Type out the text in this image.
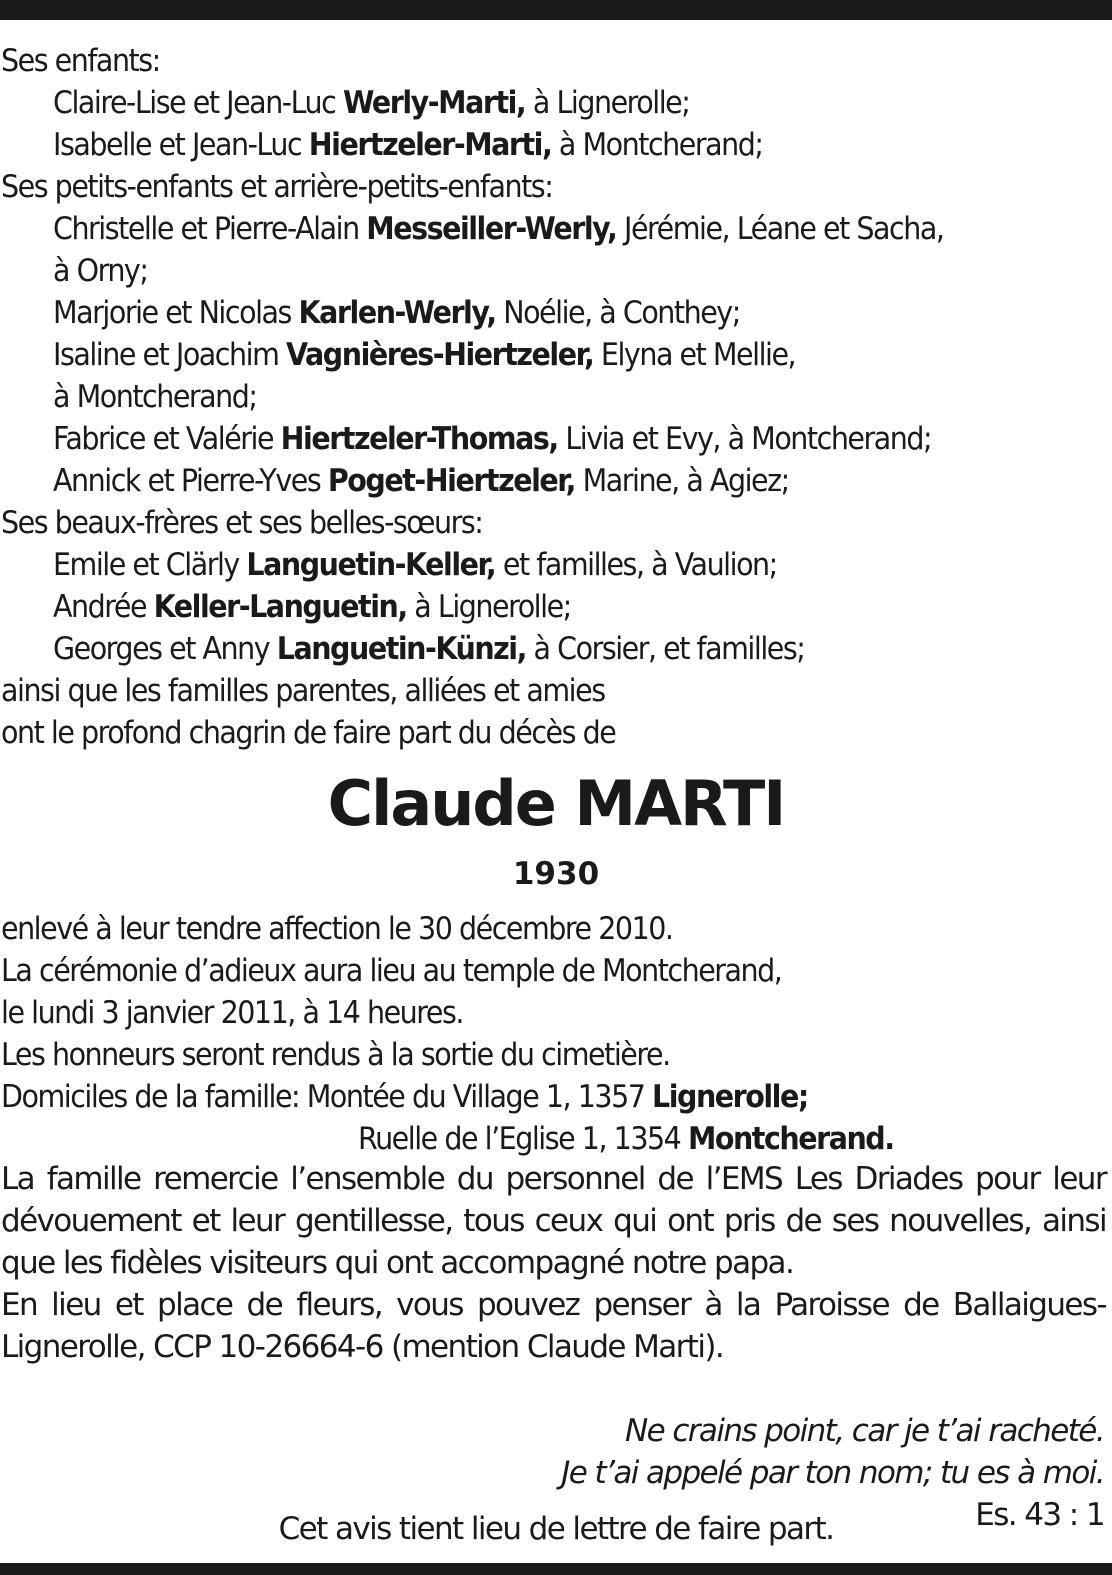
Ses enfants:
Claire-Lise et Jean-Luc Werly-Marti, à Lignerolle;
Isabelle et Jean-Luc Hiertzeler-Marti, à Montcherand;
Ses petits-enfants et arrière-petits-enfants:
Christelle et Pierre-Alain Messeiller-Werly, Jérémie, Léane et Sacha,
à Orny;
Marjorie et Nicolas Karlen-Werly, Noélie, à Conthey;
Isaline et Joachim Vagnières-Hiertzeler, Elyna et Mellie,
à Montcherand;
Fabrice et Valérie Hiertzeler-Thomas, Livia et Evy, à Montcherand;
Annick et Pierre-Yves Poget-Hiertzeler, Marine, à Agiez;
Ses beaux-frères et ses belles-sœurs:
Emile et Clärly Languetin-Keller, et familles, à Vaulion;
Andrée Keller-Languetin, à Lignerolle;
Georges et Anny Languetin-Künzi, à Corsier, et familles;
ainsi que les familles parentes, alliées et amies
ont le profond chagrin de faire part du décès de
Claude MARTI
1930
enlevé à leur tendre affection le 30 décembre 2010.
La cérémonie d’adieux aura lieu au temple de Montcherand,
le lundi 3 janvier 2011, à 14 heures.
Les honneurs seront rendus à la sortie du cimetière.
Domiciles de la famille: Montée du Village 1, 1357 Lignerolle;
Ruelle de l’Eglise 1, 1354 Montcherand.
La famille remercie l’ensemble du personnel de l’EMS Les Driades pour leur dévouement et leur gentillesse, tous ceux qui ont pris de ses nouvelles, ainsi que les fidèles visiteurs qui ont accompagné notre papa.
En lieu et place de fleurs, vous pouvez penser à la Paroisse de Ballaigues-Lignerolle, CCP 10-26664-6 (mention Claude Marti).
Ne crains point, car je t’ai racheté.
Je t’ai appelé par ton nom; tu es à moi.
Es. 43 : 1
Cet avis tient lieu de lettre de faire part.
